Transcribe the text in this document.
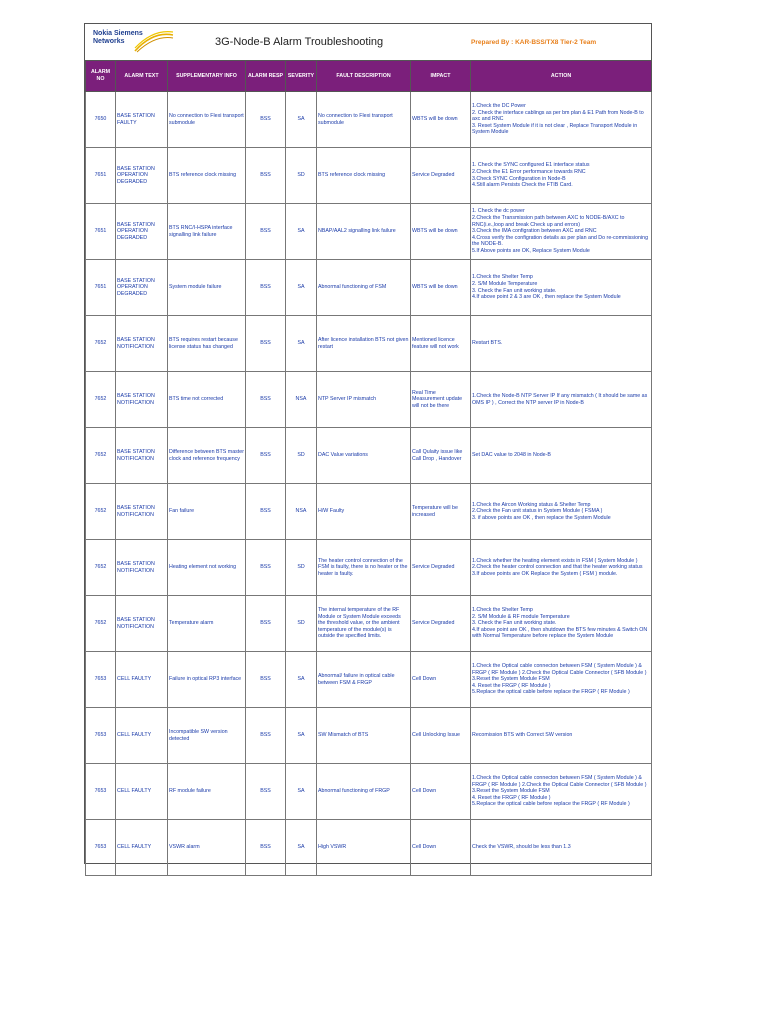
Nokia Siemens
Networks	3G-Node-B Alarm Troubleshooting	Prepared By : KAR-BSS/TX8 Tier-2 Team
ALARM NO	ALARM TEXT	SUPPLEMENTARY INFO	ALARM RESP	SEVERITY	FAULT DESCRIPTION	IMPACT	ACTION
7650	BASE STATION FAULTY	No connection to Flexi transport submodule	BSS	SA	No connection to Flexi transport submodule	WBTS will be down	1.Check the DC Power
2. Check the interface cablings as per bm plan & E1 Path from Node-B to axc and RNC
3. Reset System Module if it is not clear , Replace Transport Module in System Module
7651	BASE STATION OPERATION DEGRADED	BTS reference clock missing	BSS	SD	BTS reference clock missing	Service Degraded	1. Check the SYNC configured E1 interface status
2.Check the E1 Error performance towards RNC
3.Check SYNC Configuration in Node-B
4.Still alarm Persists Check the FTIB Card.
7651	BASE STATION OPERATION DEGRADED	BTS RNC/I-HSPA interface signalling link failure	BSS	SA	NBAP/AAL2 signalling link failure	WBTS will be down	1. Check the dc power
2.Check the Transmission path between AXC to NODE-B/AXC to RNC(i.e.,loop and break Check up and errors)
3.Check the IMA configration between AXC and RNC
4.Cross verify the configration details as per plan and Do re-commissioning the NODE-B.
5.If Above points are OK, Replace System Module
7651	BASE STATION OPERATION DEGRADED	System module failure	BSS	SA	Abnormal functioning of FSM	WBTS will be down	1.Check the Shelter Temp
2. S/M Module Temperature
3. Check the Fan unit working state.
4.If above point 2 & 3 are OK , then replace the System Module
7652	BASE STATION NOTIFICATION	BTS requires restart because license status has changed	BSS	SA	After licence installation BTS not given restart	Mentioned licence feature will not work	Restart BTS.
7652	BASE STATION NOTIFICATION	BTS time not corrected	BSS	NSA	NTP Server IP mismatch	Real Time Measurement update will not be there	1.Check the Node-B NTP Server IP If any mismatch ( It should be same as OMS IP ) , Correct the NTP server IP in Node-B
7652	BASE STATION NOTIFICATION	Difference between BTS master clock and reference frequency	BSS	SD	DAC Value variations	Call Qulaity issue like Call Drop , Handover	Set DAC value to 2048 in Node-B
7652	BASE STATION NOTIFICATION	Fan failure	BSS	NSA	H/W Faulty	Temperature will be increased	1.Check the Aircon Working status & Shelter Temp
2.Check the Fan unit status in System Module ( FSMA )
3. if above points are OK , then replace the System Module
7652	BASE STATION NOTIFICATION	Heating element not working	BSS	SD	The heater control connection of the FSM is faulty, there is no heater or the heater is faulty.	Service Degraded	1.Check whether the heating element exists in FSM ( System Module )
2.Check the heater control connection and that the heater working status 3.If above points are OK Replace the System ( FSM ) module.
7652	BASE STATION NOTIFICATION	Temperature alarm	BSS	SD	The internal temperature of the RF Module or System Module exceeds the threshold value, or the ambient temperature of the module(s) is outside the specified limits.	Service Degraded	1.Check the Shelter Temp
2. S/M Module & RF module Temperature
3. Check the Fan unit working state.
4.If above point are OK , then shutdown the BTS few minutes & Switch ON with Normal Temperature before replace the System Module
7653	CELL FAULTY	Failure in optical RP3 interface	BSS	SA	Abnormal/ failure in optical cable between FSM & FRGP	Cell Down	1.Check the Optical cable connecton between FSM ( System Module ) & FRGP ( RF Module ) 2.Check the Optical Cable Connector ( SFB Module )
3.Reset the System Module FSM
4. Reset the FRGP ( RF Module )
5.Replace the optical cable before replace the FRGP ( RF Module )
7653	CELL FAULTY	Incompatible SW version detected	BSS	SA	SW Mismatch of BTS	Cell Unlocking Issue	Recomission BTS with Correct SW version
7653	CELL FAULTY	RF module failure	BSS	SA	Abnormal functioning of FRGP	Cell Down	1.Check the Optical cable connecton between FSM ( System Module ) & FRGP ( RF Module ) 2.Check the Optical Cable Connector ( SFB Module )
3.Reset the System Module FSM
4. Reset the FRGP ( RF Module )
5.Replace the optical cable before replace the FRGP ( RF Module )
7653	CELL FAULTY	VSWR alarm	BSS	SA	High VSWR	Cell Down	Check the VSWR, should be less than 1.3
